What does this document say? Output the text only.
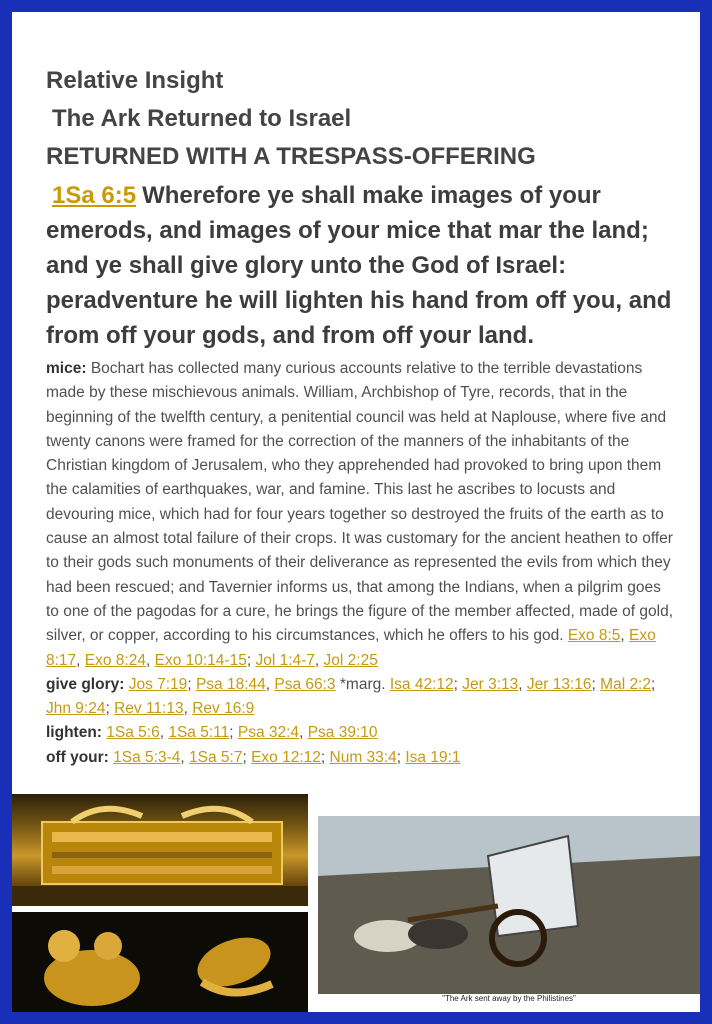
Relative Insight
The Ark Returned to Israel
RETURNED WITH A TRESPASS-OFFERING
1Sa 6:5 Wherefore ye shall make images of your emerods, and images of your mice that mar the land; and ye shall give glory unto the God of Israel: peradventure he will lighten his hand from off you, and from off your gods, and from off your land.
mice: Bochart has collected many curious accounts relative to the terrible devastations made by these mischievous animals. William, Archbishop of Tyre, records, that in the beginning of the twelfth century, a penitential council was held at Naplouse, where five and twenty canons were framed for the correction of the manners of the inhabitants of the Christian kingdom of Jerusalem, who they apprehended had provoked to bring upon them the calamities of earthquakes, war, and famine. This last he ascribes to locusts and devouring mice, which had for four years together so destroyed the fruits of the earth as to cause an almost total failure of their crops. It was customary for the ancient heathen to offer to their gods such monuments of their deliverance as represented the evils from which they had been rescued; and Tavernier informs us, that among the Indians, when a pilgrim goes to one of the pagodas for a cure, he brings the figure of the member affected, made of gold, silver, or copper, according to his circumstances, which he offers to his god. Exo 8:5, Exo 8:17, Exo 8:24, Exo 10:14-15; Jol 1:4-7, Jol 2:25
give glory: Jos 7:19; Psa 18:44, Psa 66:3 *marg. Isa 42:12; Jer 3:13, Jer 13:16; Mal 2:2; Jhn 9:24; Rev 11:13, Rev 16:9
lighten: 1Sa 5:6, 1Sa 5:11; Psa 32:4, Psa 39:10
off your: 1Sa 5:3-4, 1Sa 5:7; Exo 12:12; Num 33:4; Isa 19:1
"The Ark sent away by the Philistines"
